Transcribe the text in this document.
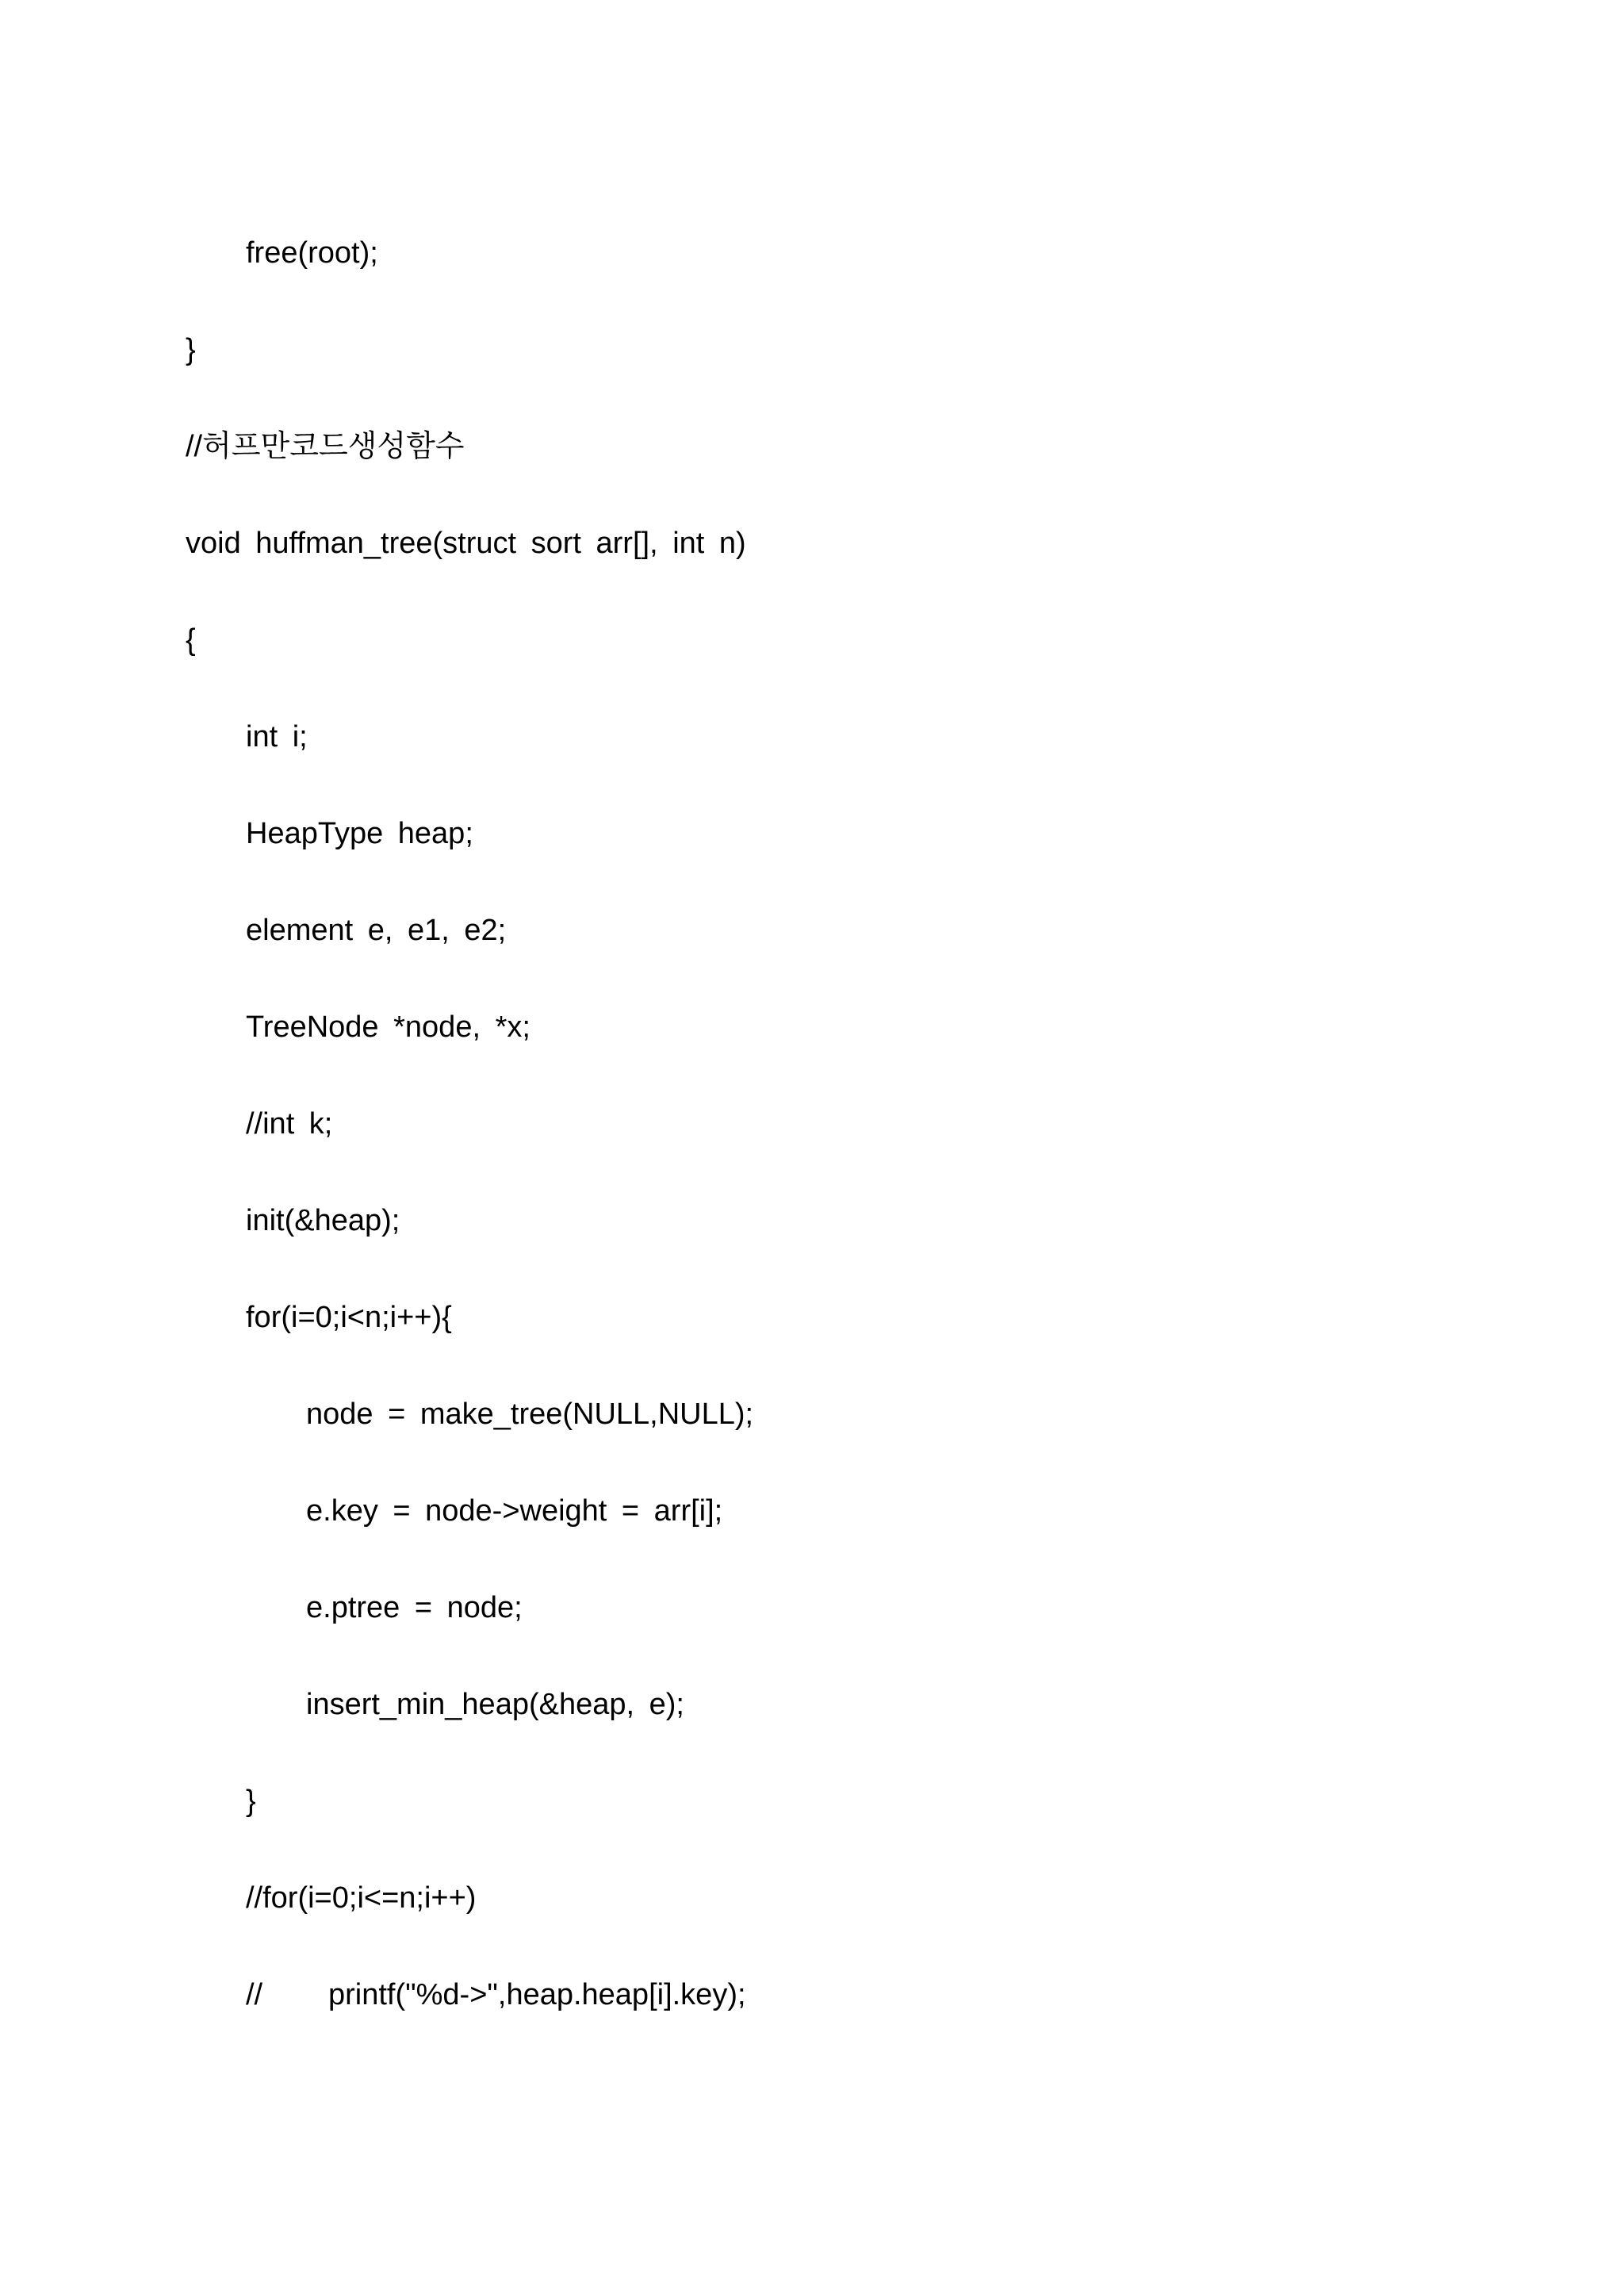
free(root);
}
//허프만코드생성함수
void huffman_tree(struct sort arr[], int n)
{
int i;
HeapType heap;
element e, e1, e2;
TreeNode *node, *x;
//int k;
init(&heap);
for(i=0;i<n;i++){
node = make_tree(NULL,NULL);
e.key = node->weight = arr[i];
e.ptree = node;
insert_min_heap(&heap, e);
}
//for(i=0;i<=n;i++)
// printf("%d->",heap.heap[i].key);
